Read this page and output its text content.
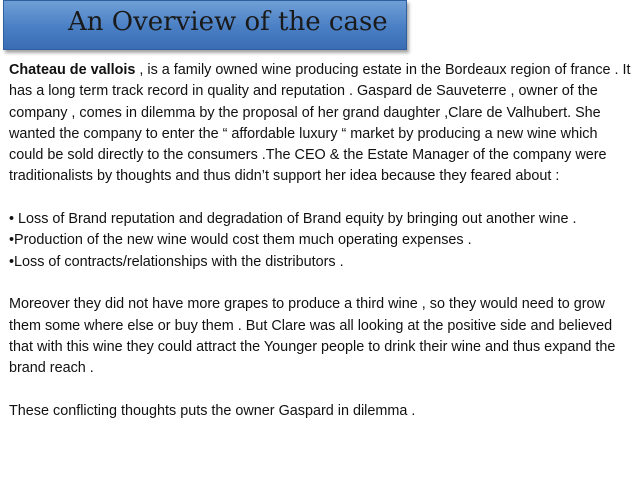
An Overview of the case

Chateau de vallois , is a family owned wine producing estate in the Bordeaux region of france . It has a long term track record in quality and reputation . Gaspard de Sauveterre , owner of the company , comes in dilemma by the proposal of her grand daughter ,Clare de Valhubert. She wanted the company to enter the “ affordable luxury “ market by producing a new wine which could be sold directly to the consumers .The CEO & the Estate Manager of the company were traditionalists by thoughts and thus didn’t support her idea because they feared about :

• Loss of Brand reputation and degradation of Brand equity by bringing out another wine .

•Production of the new wine would cost them much operating expenses .

•Loss of contracts/relationships with the distributors .

Moreover they did not have more grapes to produce a third wine , so they would need to grow them some where else or buy them . But Clare was all looking at the positive side and believed that with this wine they could attract the Younger people to drink their wine and thus expand the brand reach .

These conflicting thoughts puts the owner Gaspard in dilemma .
